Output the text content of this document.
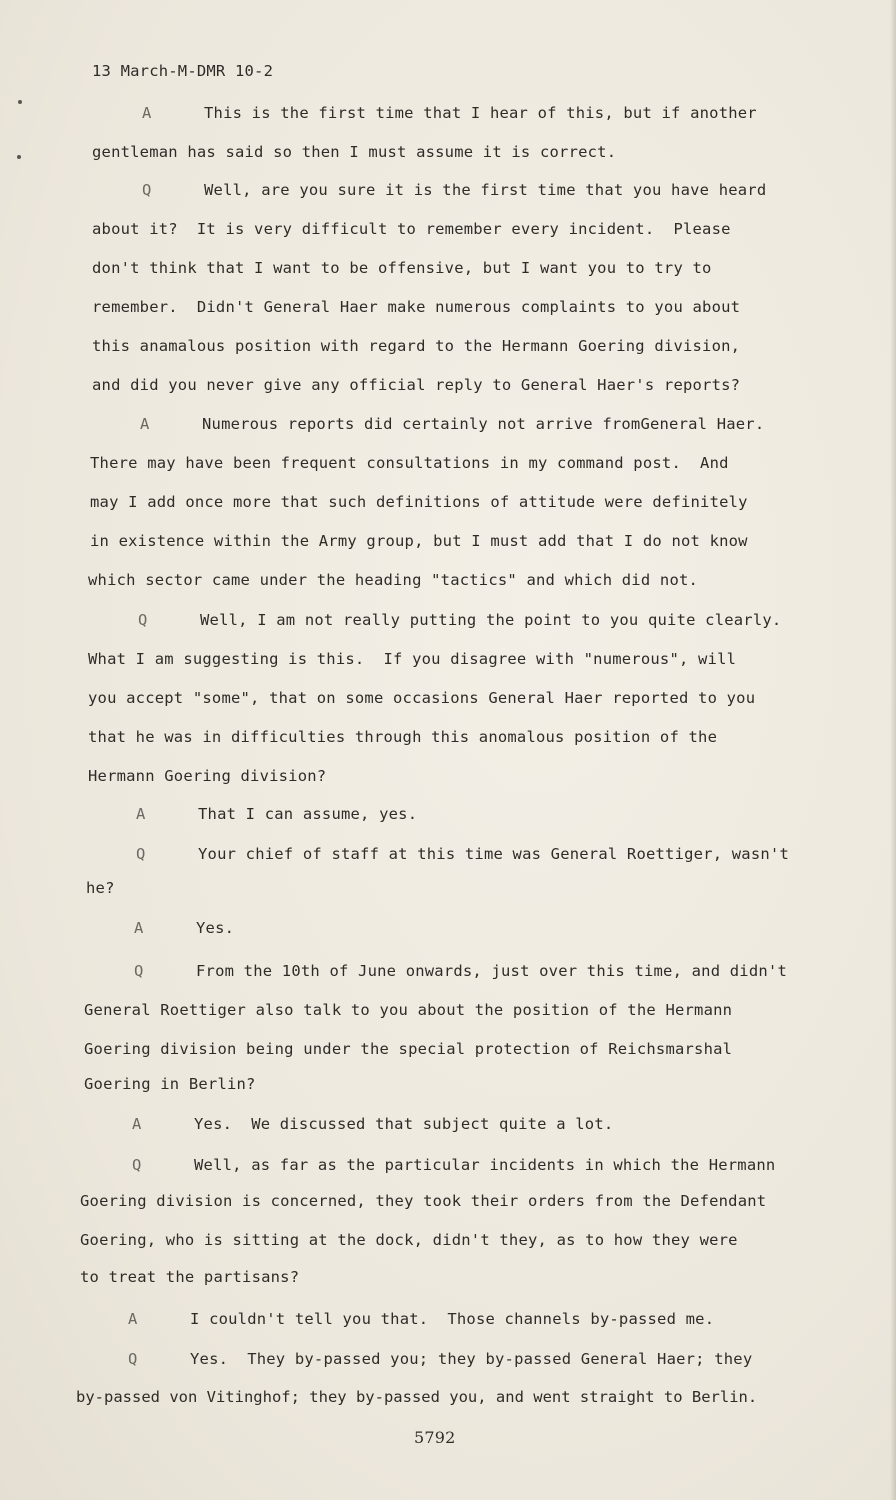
13 March-M-DMR 10-2
A	This is the first time that I hear of this, but if another
gentleman has said so then I must assume it is correct.
Q	Well, are you sure it is the first time that you have heard
about it?  It is very difficult to remember every incident.  Please
don't think that I want to be offensive, but I want you to try to
remember.  Didn't General Haer make numerous complaints to you about
this anamalous position with regard to the Hermann Goering division,
and did you never give any official reply to General Haer's reports?
A	Numerous reports did certainly not arrive fromGeneral Haer.
There may have been frequent consultations in my command post.  And
may I add once more that such definitions of attitude were definitely
in existence within the Army group, but I must add that I do not know
which sector came under the heading "tactics" and which did not.
Q	Well, I am not really putting the point to you quite clearly.
What I am suggesting is this.  If you disagree with "numerous", will
you accept "some", that on some occasions General Haer reported to you
that he was in difficulties through this anomalous position of the
Hermann Goering division?
A	That I can assume, yes.
Q	Your chief of staff at this time was General Roettiger, wasn't
he?
A	Yes.
Q	From the 10th of June onwards, just over this time, and didn't
General Roettiger also talk to you about the position of the Hermann
Goering division being under the special protection of Reichsmarshal
Goering in Berlin?
A	Yes.  We discussed that subject quite a lot.
Q	Well, as far as the particular incidents in which the Hermann
Goering division is concerned, they took their orders from the Defendant
Goering, who is sitting at the dock, didn't they, as to how they were
to treat the partisans?
A	I couldn't tell you that.  Those channels by-passed me.
Q	Yes.  They by-passed you; they by-passed General Haer; they
by-passed von Vitinghof; they by-passed you, and went straight to Berlin.
5792
